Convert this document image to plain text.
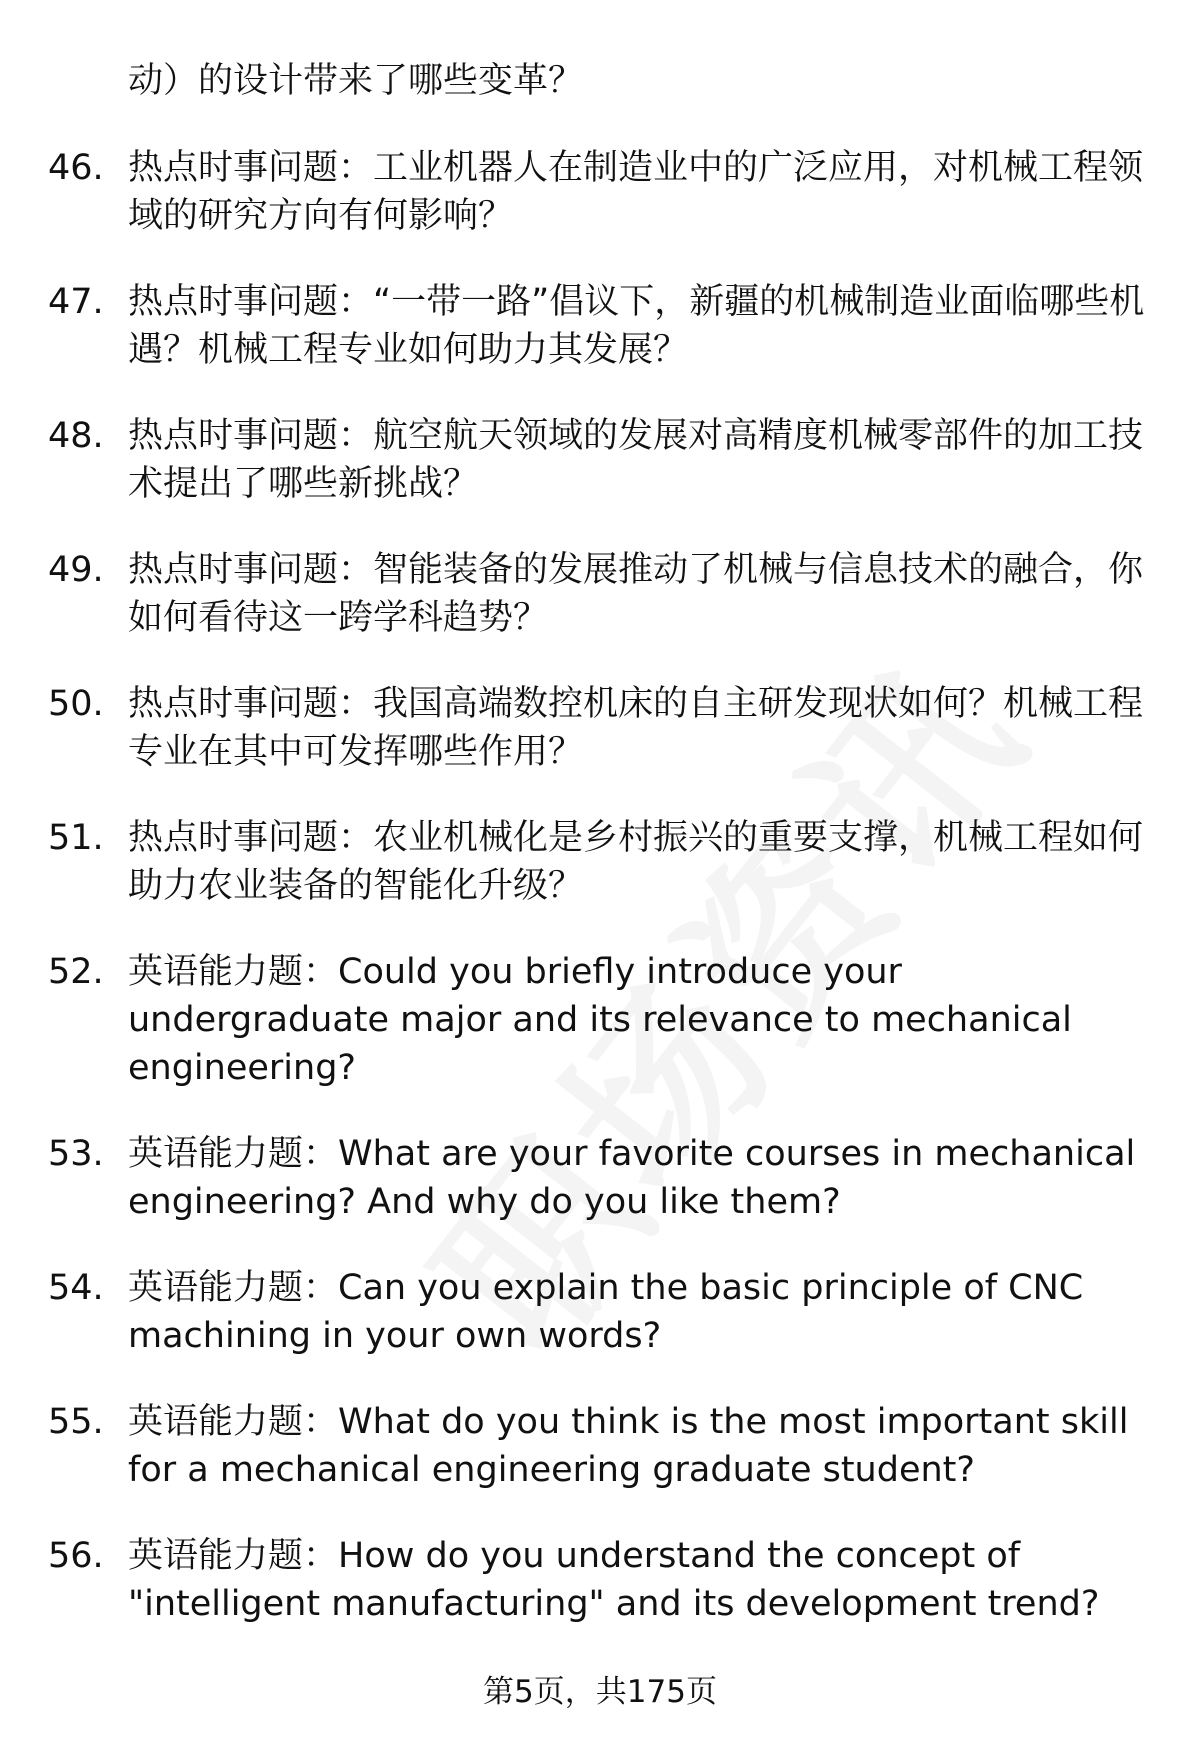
动）的设计带来了哪些变革？
46. 热点时事问题：工业机器人在制造业中的广泛应用，对机械工程领域的研究方向有何影响？
47. 热点时事问题：“一带一路”倡议下，新疆的机械制造业面临哪些机遇？机械工程专业如何助力其发展？
48. 热点时事问题：航空航天领域的发展对高精度机械零部件的加工技术提出了哪些新挑战？
49. 热点时事问题：智能装备的发展推动了机械与信息技术的融合，你如何看待这一跨学科趋势？
50. 热点时事问题：我国高端数控机床的自主研发现状如何？机械工程专业在其中可发挥哪些作用？
51. 热点时事问题：农业机械化是乡村振兴的重要支撑，机械工程如何助力农业装备的智能化升级？
52. 英语能力题：Could you briefly introduce your undergraduate major and its relevance to mechanical engineering?
53. 英语能力题：What are your favorite courses in mechanical engineering? And why do you like them?
54. 英语能力题：Can you explain the basic principle of CNC machining in your own words?
55. 英语能力题：What do you think is the most important skill for a mechanical engineering graduate student?
56. 英语能力题：How do you understand the concept of "intelligent manufacturing" and its development trend?
第5页，共175页
